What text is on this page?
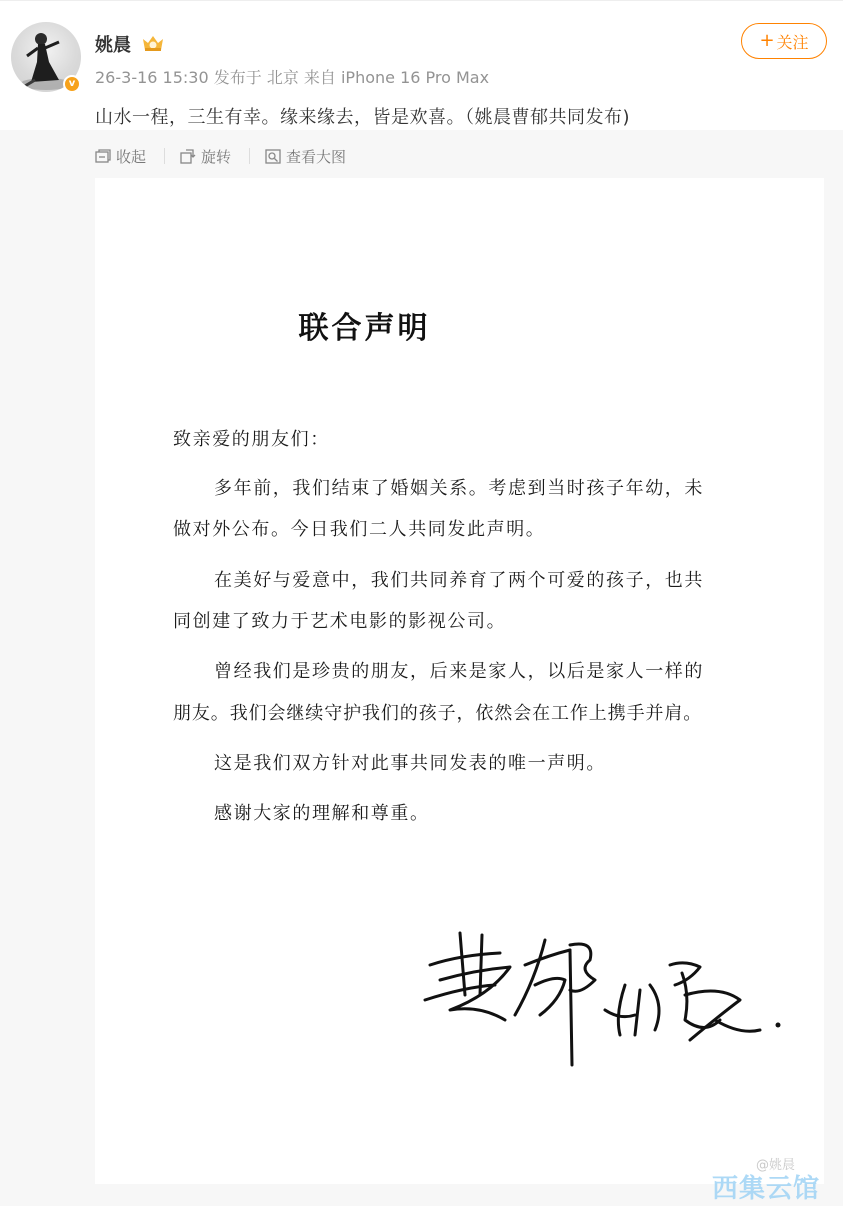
v
姚晨
26-3-16 15:30 发布于 北京 来自 iPhone 16 Pro Max
+ 关注
山水一程，三生有幸。缘来缘去，皆是欢喜。（姚晨曹郁共同发布)
收起	旋转	查看大图
联合声明
致亲爱的朋友们：
多年前，我们结束了婚姻关系。考虑到当时孩子年幼，未
做对外公布。今日我们二人共同发此声明。
在美好与爱意中，我们共同养育了两个可爱的孩子，也共
同创建了致力于艺术电影的影视公司。
曾经我们是珍贵的朋友，后来是家人，以后是家人一样的
朋友。我们会继续守护我们的孩子，依然会在工作上携手并肩。
这是我们双方针对此事共同发表的唯一声明。
感谢大家的理解和尊重。
@姚晨
西集云馆
